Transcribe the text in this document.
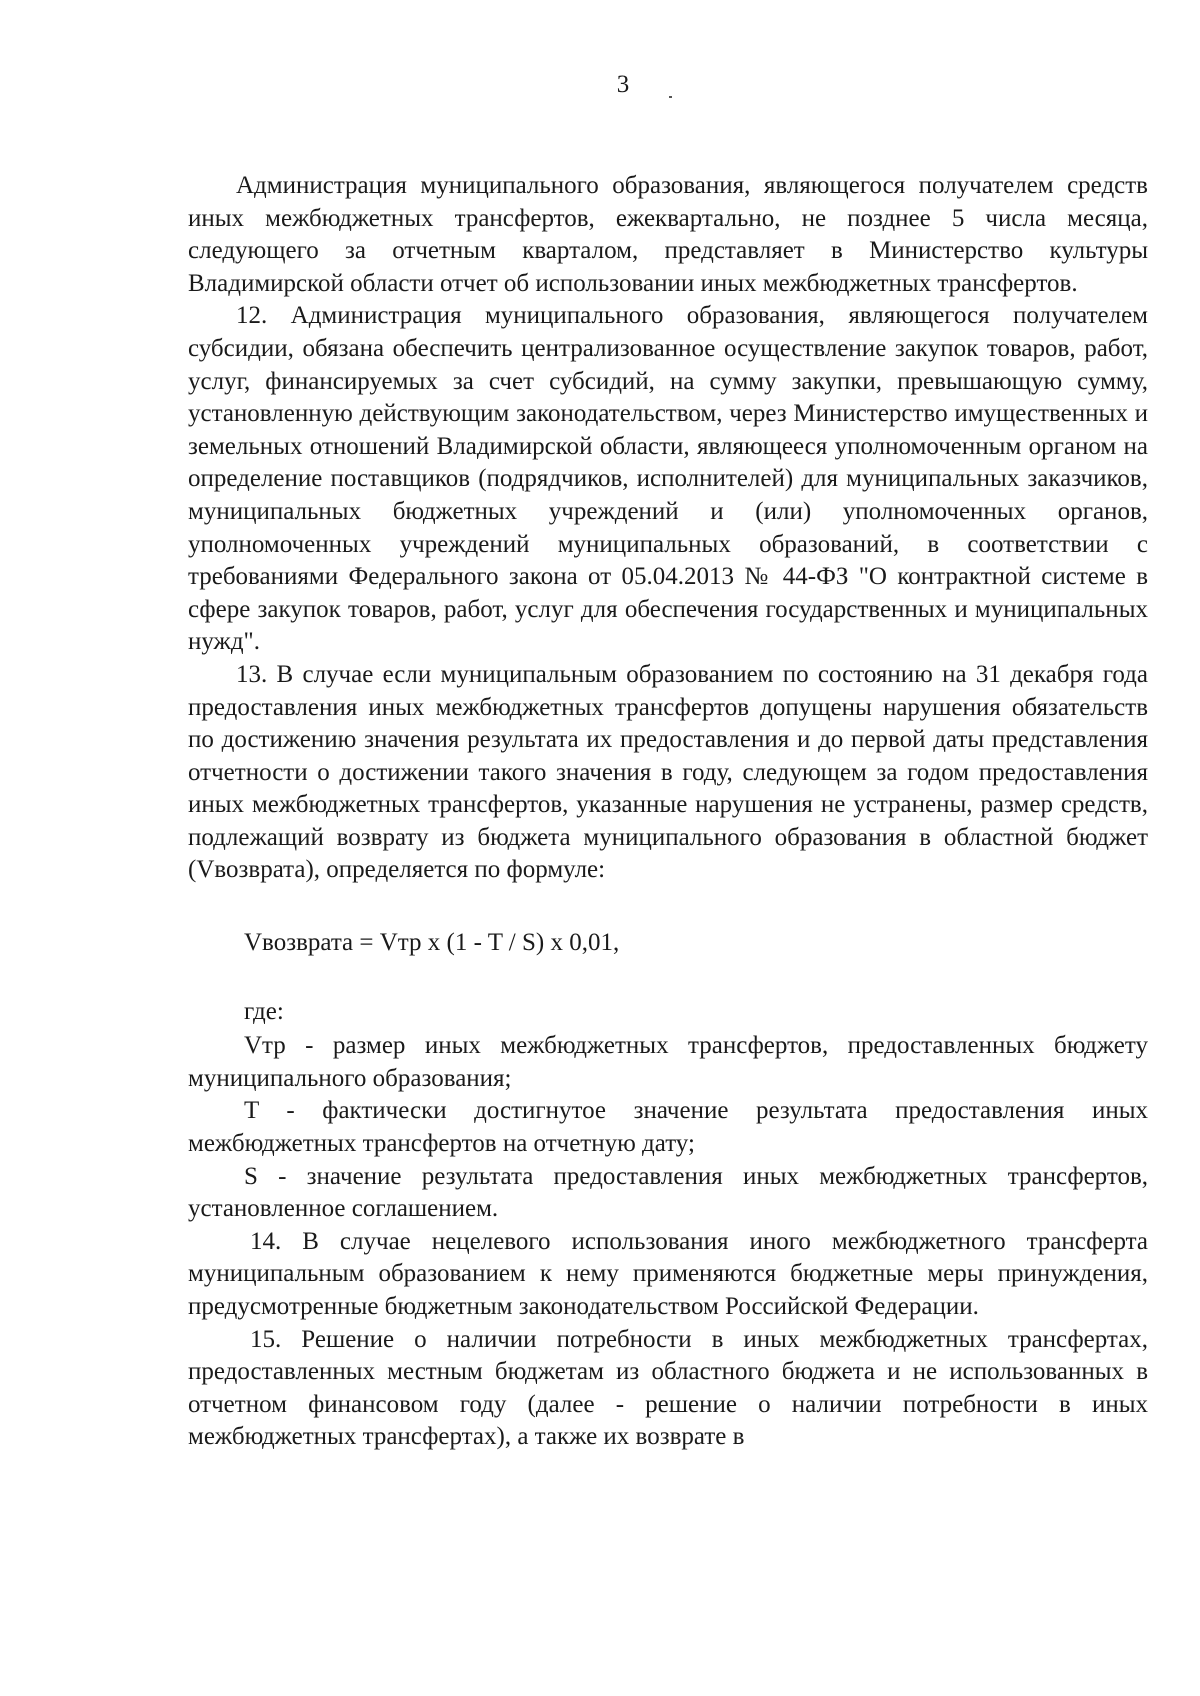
3

Администрация муниципального образования, являющегося получателем средств иных межбюджетных трансфертов, ежеквартально, не позднее 5 числа месяца, следующего за отчетным кварталом, представляет в Министерство культуры Владимирской области отчет об использовании иных межбюджетных трансфертов.

12. Администрация муниципального образования, являющегося получателем субсидии, обязана обеспечить централизованное осуществление закупок товаров, работ, услуг, финансируемых за счет субсидий, на сумму закупки, превышающую сумму, установленную действующим законодательством, через Министерство имущественных и земельных отношений Владимирской области, являющееся уполномоченным органом на определение поставщиков (подрядчиков, исполнителей) для муниципальных заказчиков, муниципальных бюджетных учреждений и (или) уполномоченных органов, уполномоченных учреждений муниципальных образований, в соответствии с требованиями Федерального закона от 05.04.2013 № 44-ФЗ "О контрактной системе в сфере закупок товаров, работ, услуг для обеспечения государственных и муниципальных нужд".

13. В случае если муниципальным образованием по состоянию на 31 декабря года предоставления иных межбюджетных трансфертов допущены нарушения обязательств по достижению значения результата их предоставления и до первой даты представления отчетности о достижении такого значения в году, следующем за годом предоставления иных межбюджетных трансфертов, указанные нарушения не устранены, размер средств, подлежащий возврату из бюджета муниципального образования в областной бюджет (Vвозврата), определяется по формуле:

Vвозврата = Vтр x (1 - T / S) x 0,01,

где:

Vтр - размер иных межбюджетных трансфертов, предоставленных бюджету муниципального образования;

T - фактически достигнутое значение результата предоставления иных межбюджетных трансфертов на отчетную дату;

S - значение результата предоставления иных межбюджетных трансфертов, установленное соглашением.

14. В случае нецелевого использования иного межбюджетного трансферта муниципальным образованием к нему применяются бюджетные меры принуждения, предусмотренные бюджетным законодательством Российской Федерации.

15. Решение о наличии потребности в иных межбюджетных трансфертах, предоставленных местным бюджетам из областного бюджета и не использованных в отчетном финансовом году (далее - решение о наличии потребности в иных межбюджетных трансфертах), а также их возврате в
